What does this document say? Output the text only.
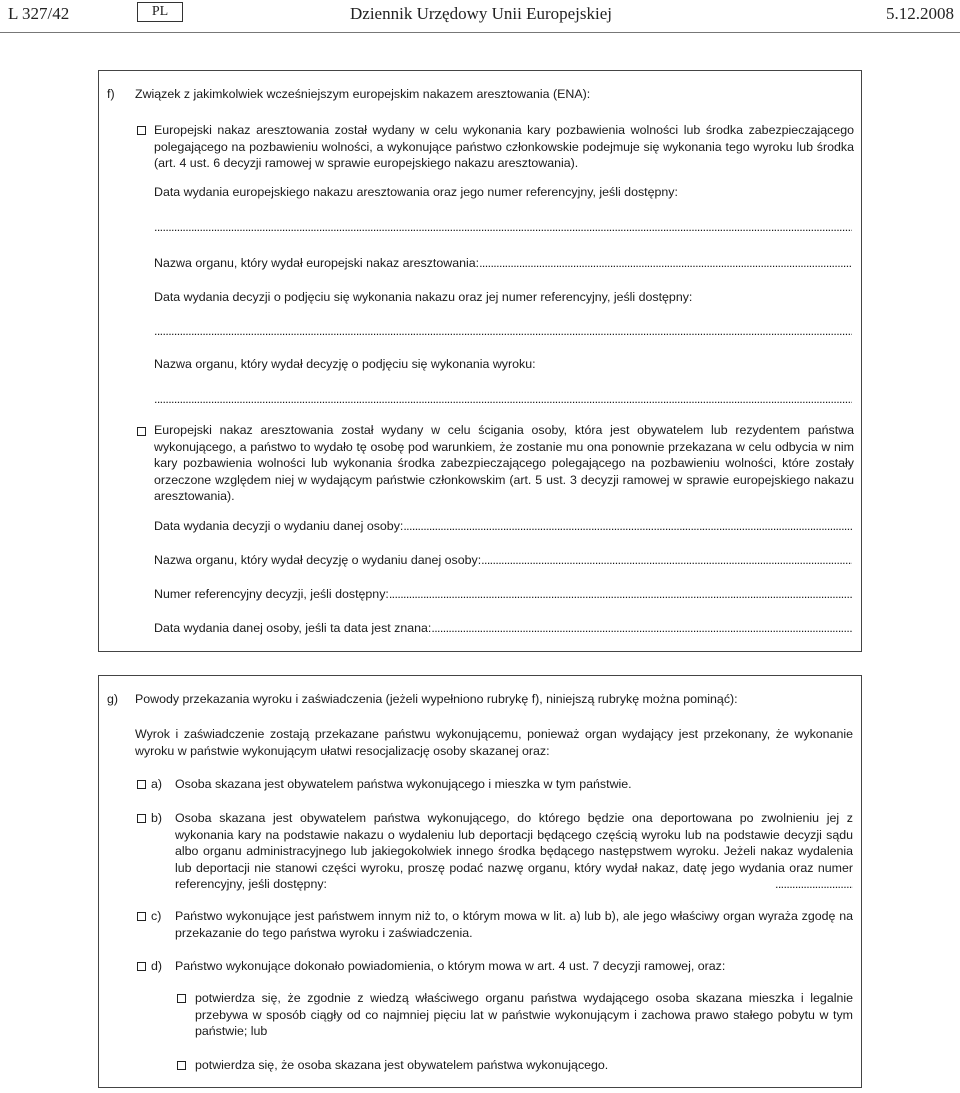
L 327/42	PL	Dziennik Urzędowy Unii Europejskiej	5.12.2008
f) Związek z jakimkolwiek wcześniejszym europejskim nakazem aresztowania (ENA):

Europejski nakaz aresztowania został wydany w celu wykonania kary pozbawienia wolności lub środka zabezpieczającego polegającego na pozbawieniu wolności, a wykonujące państwo członkowskie podejmuje się wykonania tego wyroku lub środka (art. 4 ust. 6 decyzji ramowej w sprawie europejskiego nakazu aresztowania).

Data wydania europejskiego nakazu aresztowania oraz jego numer referencyjny, jeśli dostępny:

.....
Nazwa organu, który wydał europejski nakaz aresztowania:
.....

Data wydania decyzji o podjęciu się wykonania nakazu oraz jej numer referencyjny, jeśli dostępny:

.....

Nazwa organu, który wydał decyzję o podjęciu się wykonania wyroku:

.....

Europejski nakaz aresztowania został wydany w celu ścigania osoby, która jest obywatelem lub rezydentem państwa wykonującego, a państwo to wydało tę osobę pod warunkiem, że zostanie mu ona ponownie przekazana w celu odbycia w nim kary pozbawienia wolności lub wykonania środka zabezpieczającego polegającego na pozbawieniu wolności, które zostały orzeczone względem niej w wydającym państwie członkowskim (art. 5 ust. 3 decyzji ramowej w sprawie europejskiego nakazu aresztowania).

Data wydania decyzji o wydaniu danej osoby:
.....
Nazwa organu, który wydał decyzję o wydaniu danej osoby:
.....
Numer referencyjny decyzji, jeśli dostępny:
.....
Data wydania danej osoby, jeśli ta data jest znana:
.....
g) Powody przekazania wyroku i zaświadczenia (jeżeli wypełniono rubrykę f), niniejszą rubrykę można pominąć):

Wyrok i zaświadczenie zostają przekazane państwu wykonującemu, ponieważ organ wydający jest przekonany, że wykonanie wyroku w państwie wykonującym ułatwi resocjalizację osoby skazanej oraz:

a) Osoba skazana jest obywatelem państwa wykonującego i mieszka w tym państwie.

b) Osoba skazana jest obywatelem państwa wykonującego, do którego będzie ona deportowana po zwolnieniu jej z wykonania kary na podstawie nakazu o wydaleniu lub deportacji będącego częścią wyroku lub na podstawie decyzji sądu albo organu administracyjnego lub jakiegokolwiek innego środka będącego następstwem wyroku. Jeżeli nakaz wydalenia lub deportacji nie stanowi części wyroku, proszę podać nazwę organu, który wydał nakaz, datę jego wydania oraz numer referencyjny, jeśli dostępny:

.....
c) Państwo wykonujące jest państwem innym niż to, o którym mowa w lit. a) lub b), ale jego właściwy organ wyraża zgodę na przekazanie do tego państwa wyroku i zaświadczenia.

d) Państwo wykonujące dokonało powiadomienia, o którym mowa w art. 4 ust. 7 decyzji ramowej, oraz:

potwierdza się, że zgodnie z wiedzą właściwego organu państwa wydającego osoba skazana mieszka i legalnie przebywa w sposób ciągły od co najmniej pięciu lat w państwie wykonującym i zachowa prawo stałego pobytu w tym państwie; lub

potwierdza się, że osoba skazana jest obywatelem państwa wykonującego.
